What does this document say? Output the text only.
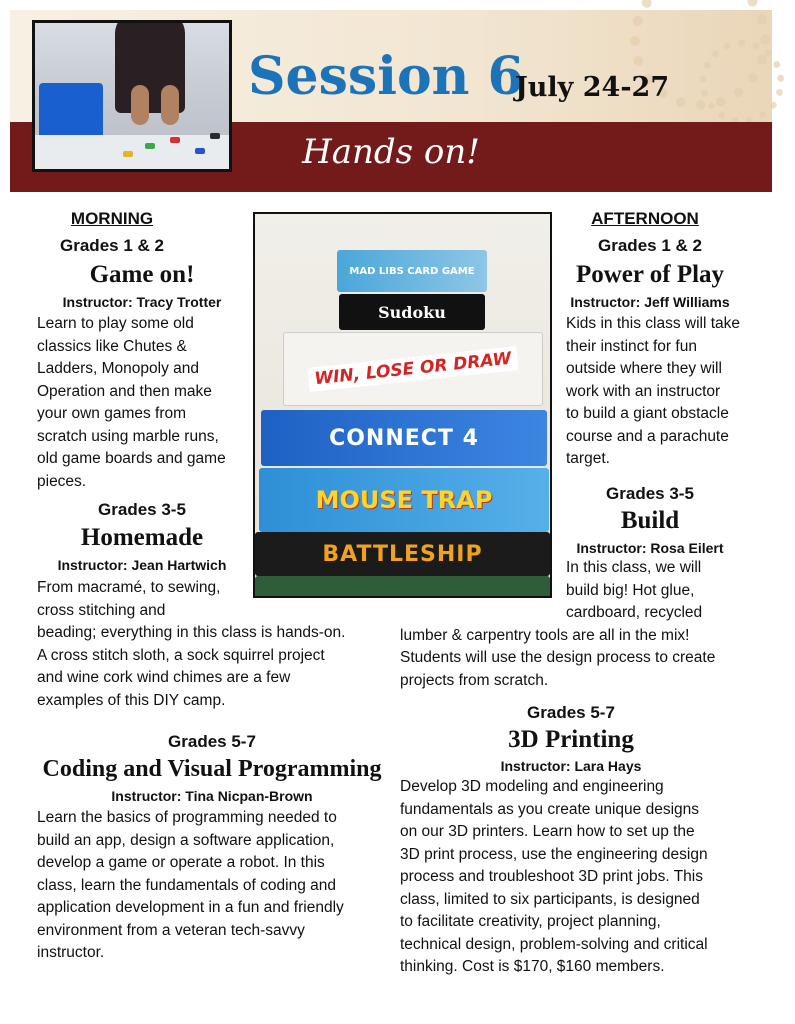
Session 6
July 24-27
Hands on!
MORNING
Grades 1 & 2
Game on!
Instructor: Tracy Trotter
Learn to play some old
classics like Chutes &
Ladders, Monopoly and
Operation and then make
your own games from
scratch using marble runs,
old game boards and game
pieces.
Grades 3-5
Homemade
Instructor: Jean Hartwich
From macramé, to sewing,
cross stitching and
beading; everything in this class is hands-on.
A cross stitch sloth, a sock squirrel project
and wine cork wind chimes are a few
examples of this DIY camp.
Grades 5-7
Coding and Visual Programming
Instructor: Tina Nicpan-Brown
Learn the basics of programming needed to
build an app, design a software application,
develop a game or operate a robot. In this
class, learn the fundamentals of coding and
application development in a fun and friendly
environment from a veteran tech-savvy
instructor.
MAD LIBS CARD GAME
Sudoku
WIN, LOSE OR DRAW
CONNECT 4
MOUSE TRAP
BATTLESHIP
AFTERNOON
Grades 1 & 2
Power of Play
Instructor: Jeff Williams
Kids in this class will take
their instinct for fun
outside where they will
work with an instructor
to build a giant obstacle
course and a parachute
target.
Grades 3-5
Build
Instructor: Rosa Eilert
In this class, we will
build big! Hot glue,
cardboard, recycled
lumber & carpentry tools are all in the mix!
Students will use the design process to create
projects from scratch.
Grades 5-7
3D Printing
Instructor: Lara Hays
Develop 3D modeling and engineering
fundamentals as you create unique designs
on our 3D printers. Learn how to set up the
3D print process, use the engineering design
process and troubleshoot 3D print jobs. This
class, limited to six participants, is designed
to facilitate creativity, project planning,
technical design, problem-solving and critical
thinking. Cost is $170, $160 members.
